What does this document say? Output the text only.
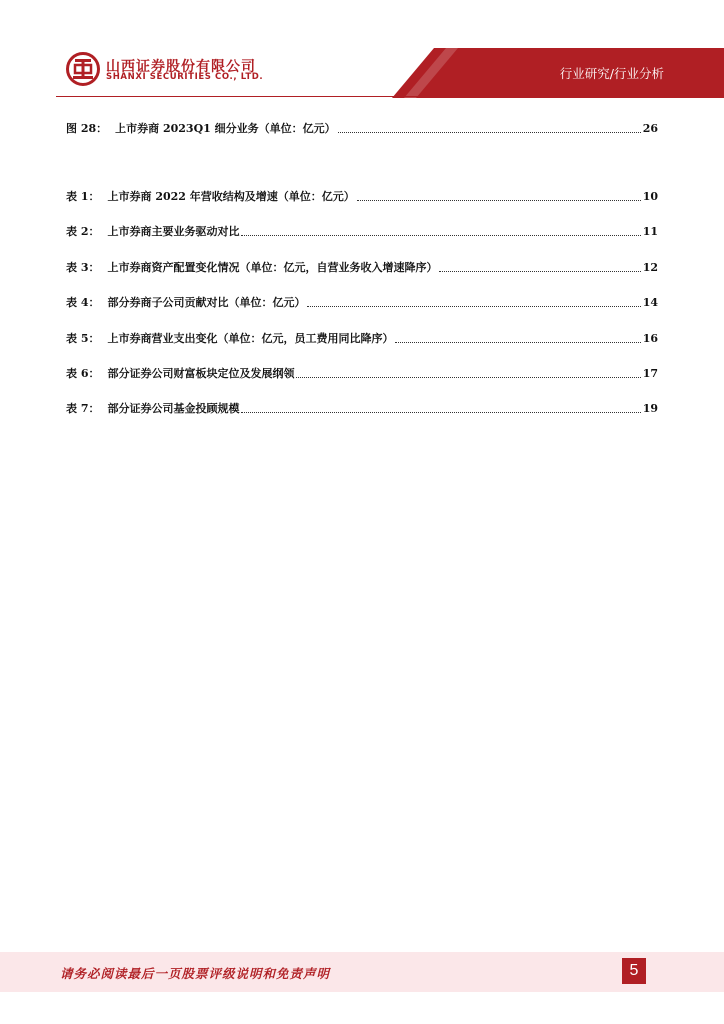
山西证券股份有限公司
SHANXI SECURITIES CO., LTD.	行业研究/行业分析
图 28： 上市券商 2023Q1 细分业务（单位：亿元）	26
表 1： 上市券商 2022 年营收结构及增速（单位：亿元）	10
表 2： 上市券商主要业务驱动对比	11
表 3： 上市券商资产配置变化情况（单位：亿元，自营业务收入增速降序）	12
表 4： 部分券商子公司贡献对比（单位：亿元）	14
表 5： 上市券商营业支出变化（单位：亿元，员工费用同比降序）	16
表 6： 部分证券公司财富板块定位及发展纲领	17
表 7： 部分证券公司基金投顾规模	19
请务必阅读最后一页股票评级说明和免责声明	5
